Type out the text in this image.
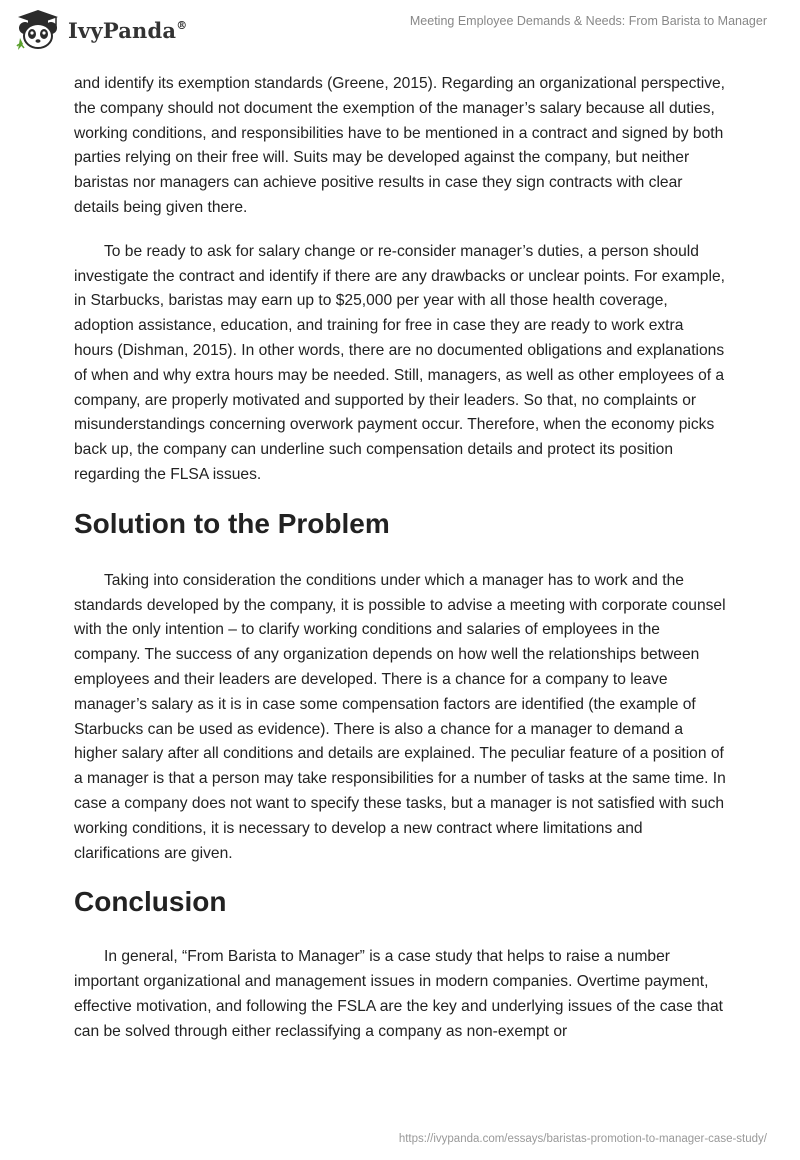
IvyPanda®	Meeting Employee Demands & Needs: From Barista to Manager

and identify its exemption standards (Greene, 2015). Regarding an organizational perspective, the company should not document the exemption of the manager’s salary because all duties, working conditions, and responsibilities have to be mentioned in a contract and signed by both parties relying on their free will. Suits may be developed against the company, but neither baristas nor managers can achieve positive results in case they sign contracts with clear details being given there.

To be ready to ask for salary change or re-consider manager’s duties, a person should investigate the contract and identify if there are any drawbacks or unclear points. For example, in Starbucks, baristas may earn up to $25,000 per year with all those health coverage, adoption assistance, education, and training for free in case they are ready to work extra hours (Dishman, 2015). In other words, there are no documented obligations and explanations of when and why extra hours may be needed. Still, managers, as well as other employees of a company, are properly motivated and supported by their leaders. So that, no complaints or misunderstandings concerning overwork payment occur. Therefore, when the economy picks back up, the company can underline such compensation details and protect its position regarding the FLSA issues.

Solution to the Problem

Taking into consideration the conditions under which a manager has to work and the standards developed by the company, it is possible to advise a meeting with corporate counsel with the only intention – to clarify working conditions and salaries of employees in the company. The success of any organization depends on how well the relationships between employees and their leaders are developed. There is a chance for a company to leave manager’s salary as it is in case some compensation factors are identified (the example of Starbucks can be used as evidence). There is also a chance for a manager to demand a higher salary after all conditions and details are explained. The peculiar feature of a position of a manager is that a person may take responsibilities for a number of tasks at the same time. In case a company does not want to specify these tasks, but a manager is not satisfied with such working conditions, it is necessary to develop a new contract where limitations and clarifications are given.

Conclusion

In general, “From Barista to Manager” is a case study that helps to raise a number important organizational and management issues in modern companies. Overtime payment, effective motivation, and following the FSLA are the key and underlying issues of the case that can be solved through either reclassifying a company as non-exempt or

https://ivypanda.com/essays/baristas-promotion-to-manager-case-study/
